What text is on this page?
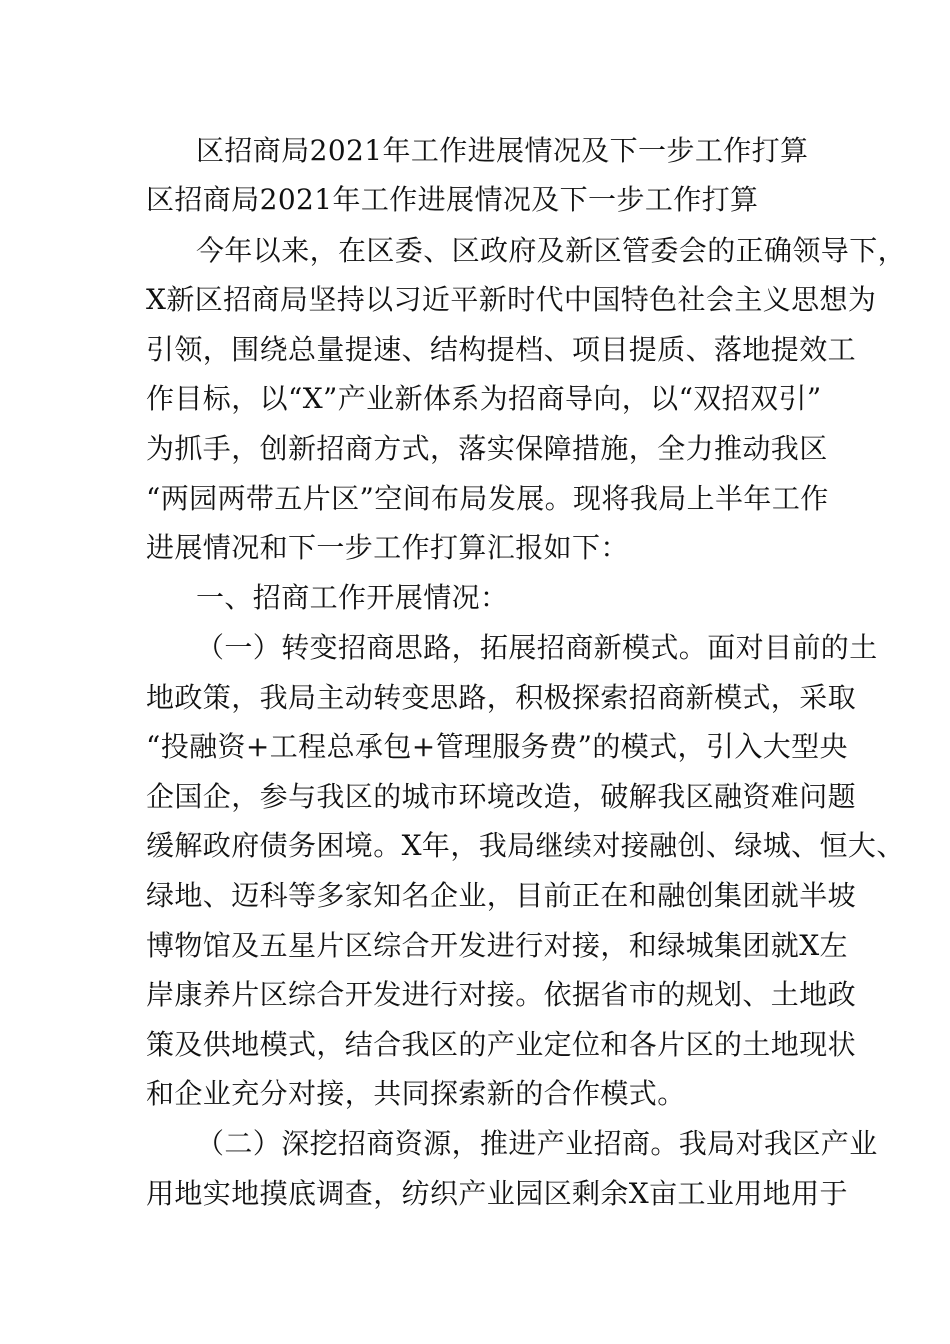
区招商局2021年工作进展情况及下一步工作打算
区招商局2021年工作进展情况及下一步工作打算
今年以来，在区委、区政府及新区管委会的正确领导下，
X新区招商局坚持以习近平新时代中国特色社会主义思想为
引领，围绕总量提速、结构提档、项目提质、落地提效工
作目标，以“X”产业新体系为招商导向，以“双招双引”
为抓手，创新招商方式，落实保障措施，全力推动我区
“两园两带五片区”空间布局发展。现将我局上半年工作
进展情况和下一步工作打算汇报如下：
一、招商工作开展情况：
（一）转变招商思路，拓展招商新模式。面对目前的土
地政策，我局主动转变思路，积极探索招商新模式，采取
“投融资+工程总承包+管理服务费”的模式，引入大型央
企国企，参与我区的城市环境改造，破解我区融资难问题
缓解政府债务困境。X年，我局继续对接融创、绿城、恒大、
绿地、迈科等多家知名企业，目前正在和融创集团就半坡
博物馆及五星片区综合开发进行对接，和绿城集团就X左
岸康养片区综合开发进行对接。依据省市的规划、土地政
策及供地模式，结合我区的产业定位和各片区的土地现状
和企业充分对接，共同探索新的合作模式。
（二）深挖招商资源，推进产业招商。我局对我区产业
用地实地摸底调查，纺织产业园区剩余X亩工业用地用于
